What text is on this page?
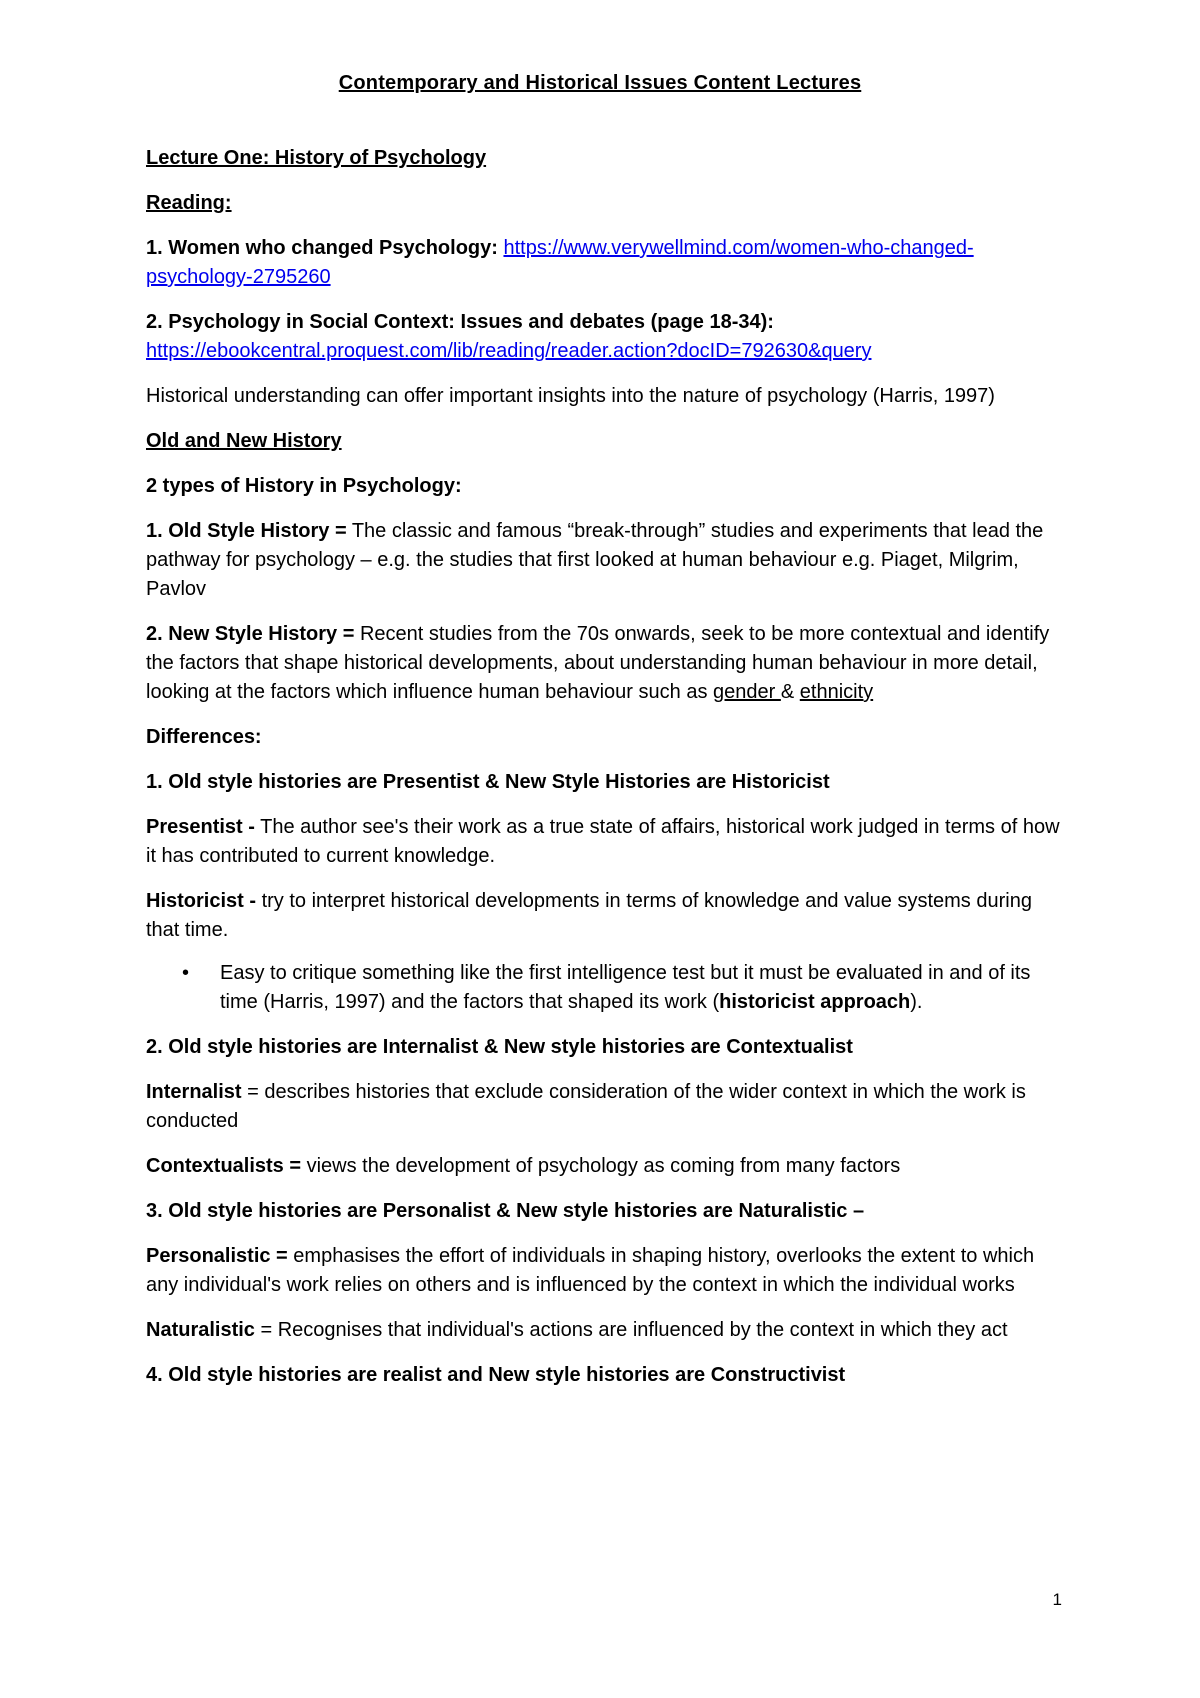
Contemporary and Historical Issues Content Lectures

Lecture One: History of Psychology

Reading:

1. Women who changed Psychology: https://www.verywellmind.com/women-who-changed-psychology-2795260

2. Psychology in Social Context: Issues and debates (page 18-34):
https://ebookcentral.proquest.com/lib/reading/reader.action?docID=792630&query

Historical understanding can offer important insights into the nature of psychology (Harris, 1997)

Old and New History

2 types of History in Psychology:

1. Old Style History = The classic and famous “break-through” studies and experiments that lead the pathway for psychology – e.g. the studies that first looked at human behaviour e.g. Piaget, Milgrim, Pavlov

2. New Style History = Recent studies from the 70s onwards, seek to be more contextual and identify the factors that shape historical developments, about understanding human behaviour in more detail, looking at the factors which influence human behaviour such as gender & ethnicity

Differences:

1. Old style histories are Presentist & New Style Histories are Historicist

Presentist - The author see's their work as a true state of affairs, historical work judged in terms of how it has contributed to current knowledge.

Historicist - try to interpret historical developments in terms of knowledge and value systems during that time.

• Easy to critique something like the first intelligence test but it must be evaluated in and of its time (Harris, 1997) and the factors that shaped its work (historicist approach).

2. Old style histories are Internalist & New style histories are Contextualist

Internalist = describes histories that exclude consideration of the wider context in which the work is conducted

Contextualists = views the development of psychology as coming from many factors

3. Old style histories are Personalist & New style histories are Naturalistic –

Personalistic = emphasises the effort of individuals in shaping history, overlooks the extent to which any individual's work relies on others and is influenced by the context in which the individual works

Naturalistic = Recognises that individual's actions are influenced by the context in which they act

4. Old style histories are realist and New style histories are Constructivist

1
